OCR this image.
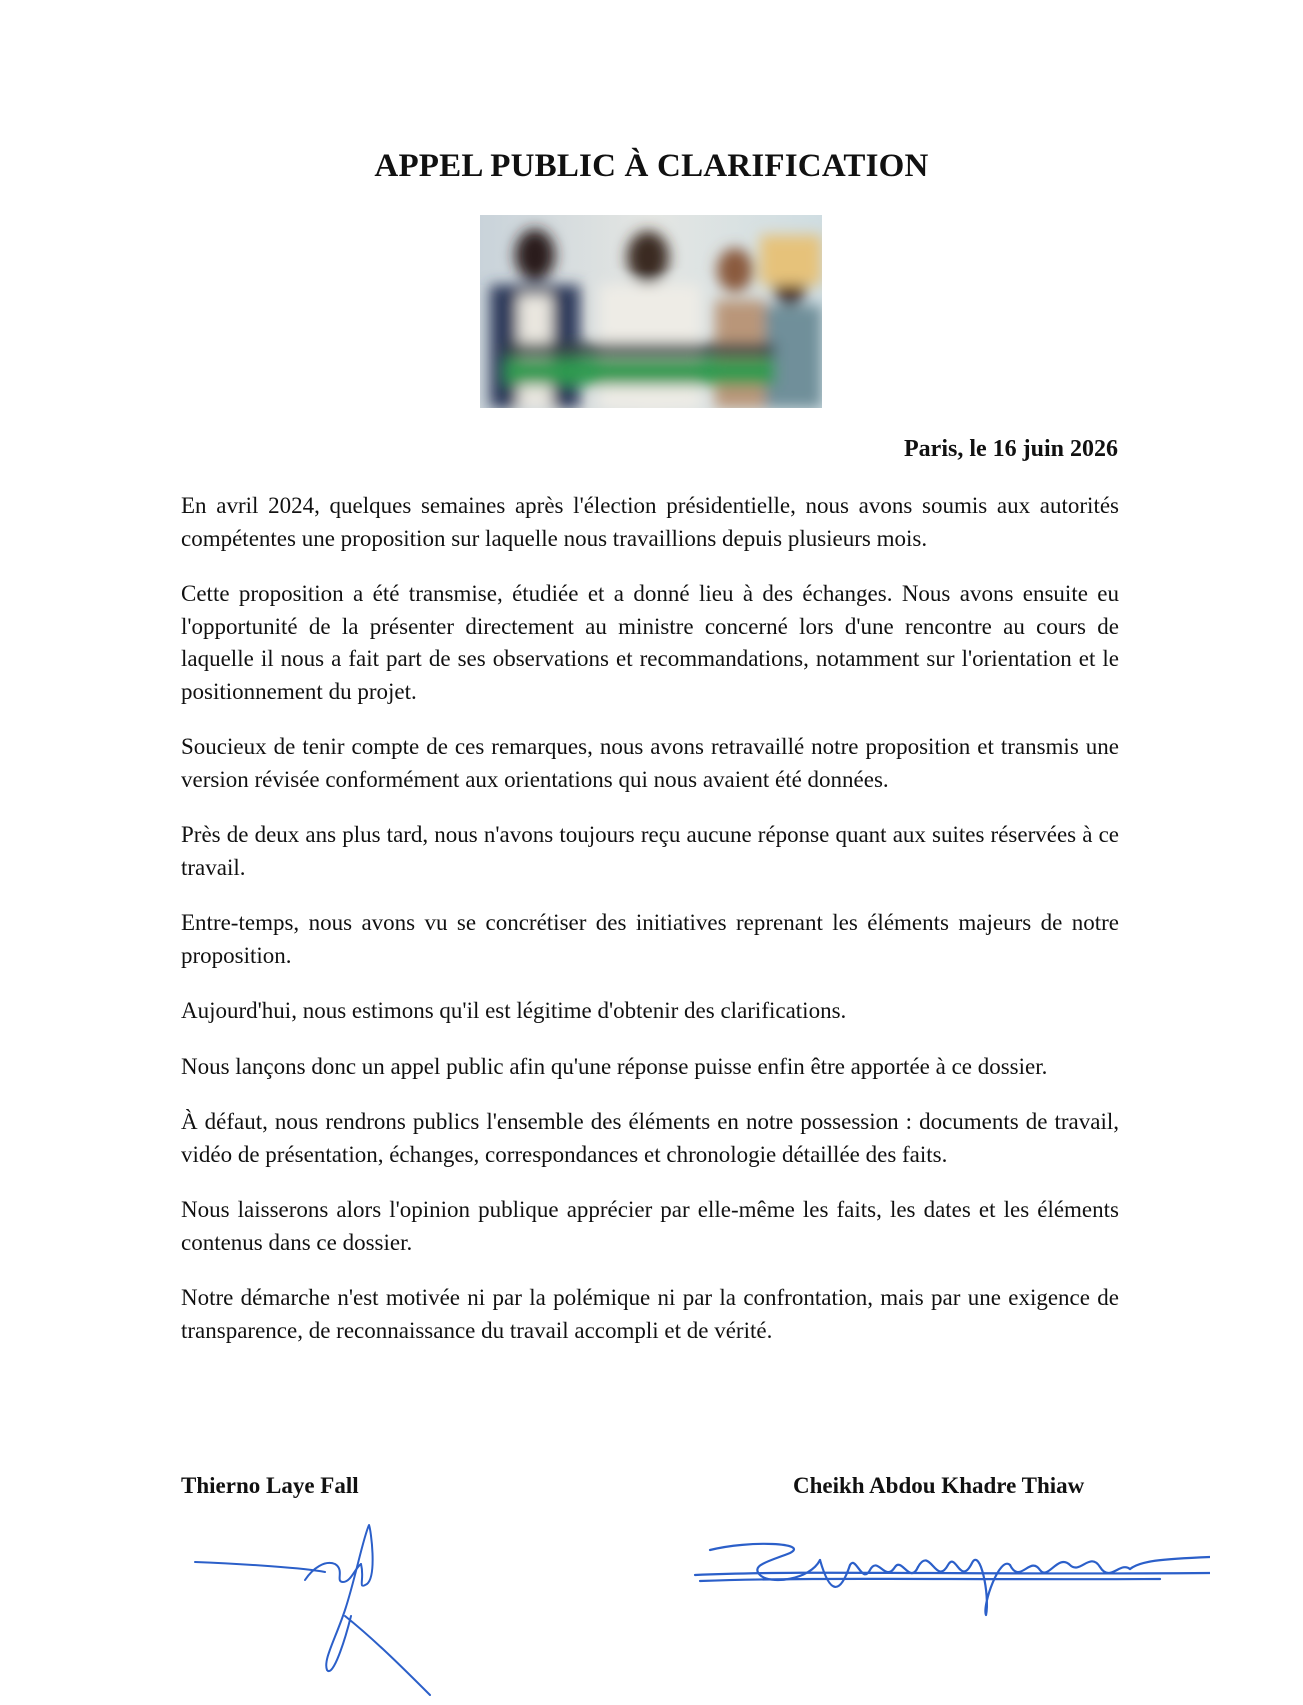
APPEL PUBLIC À CLARIFICATION

Paris, le 16 juin 2026

En avril 2024, quelques semaines après l'élection présidentielle, nous avons soumis aux autorités compétentes une proposition sur laquelle nous travaillions depuis plusieurs mois.

Cette proposition a été transmise, étudiée et a donné lieu à des échanges. Nous avons ensuite eu l'opportunité de la présenter directement au ministre concerné lors d'une rencontre au cours de laquelle il nous a fait part de ses observations et recommandations, notamment sur l'orientation et le positionnement du projet.

Soucieux de tenir compte de ces remarques, nous avons retravaillé notre proposition et transmis une version révisée conformément aux orientations qui nous avaient été données.

Près de deux ans plus tard, nous n'avons toujours reçu aucune réponse quant aux suites réservées à ce travail.

Entre-temps, nous avons vu se concrétiser des initiatives reprenant les éléments majeurs de notre proposition.

Aujourd'hui, nous estimons qu'il est légitime d'obtenir des clarifications.

Nous lançons donc un appel public afin qu'une réponse puisse enfin être apportée à ce dossier.

À défaut, nous rendrons publics l'ensemble des éléments en notre possession : documents de travail, vidéo de présentation, échanges, correspondances et chronologie détaillée des faits.

Nous laisserons alors l'opinion publique apprécier par elle-même les faits, les dates et les éléments contenus dans ce dossier.

Notre démarche n'est motivée ni par la polémique ni par la confrontation, mais par une exigence de transparence, de reconnaissance du travail accompli et de vérité.

Thierno Laye Fall	Cheikh Abdou Khadre Thiaw
